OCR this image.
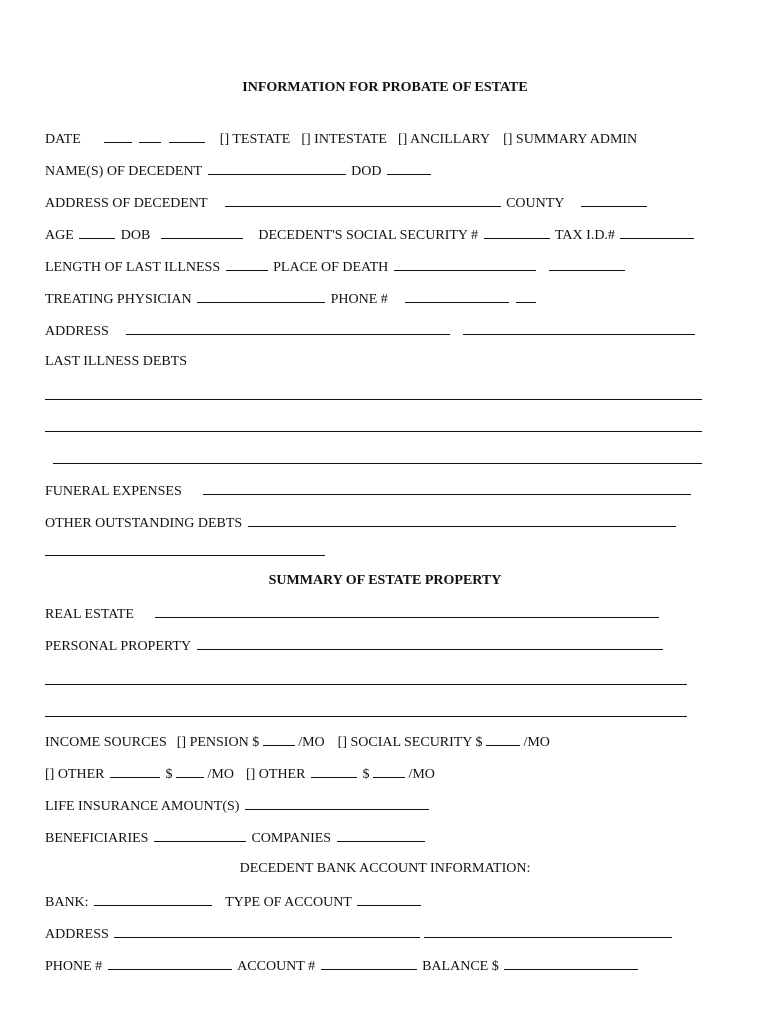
INFORMATION FOR PROBATE OF ESTATE
DATE	[] TESTATE [] INTESTATE [] ANCILLARY [] SUMMARY ADMIN
NAME(S) OF DECEDENT	DOD
ADDRESS OF DECEDENT	COUNTY
AGE	DOB	DECEDENT'S SOCIAL SECURITY #	TAX I.D.#
LENGTH OF LAST ILLNESS	PLACE OF DEATH
TREATING PHYSICIAN	PHONE #
ADDRESS
LAST ILLNESS DEBTS
FUNERAL EXPENSES
OTHER OUTSTANDING DEBTS
SUMMARY OF ESTATE PROPERTY
REAL ESTATE
PERSONAL PROPERTY
INCOME SOURCES [] PENSION $	/MO [] SOCIAL SECURITY $	/MO
[] OTHER	$	/MO [] OTHER	$	/MO
LIFE INSURANCE AMOUNT(S)
BENEFICIARIES	COMPANIES
DECEDENT BANK ACCOUNT INFORMATION:
BANK:	TYPE OF ACCOUNT
ADDRESS
PHONE #	ACCOUNT #	BALANCE $
